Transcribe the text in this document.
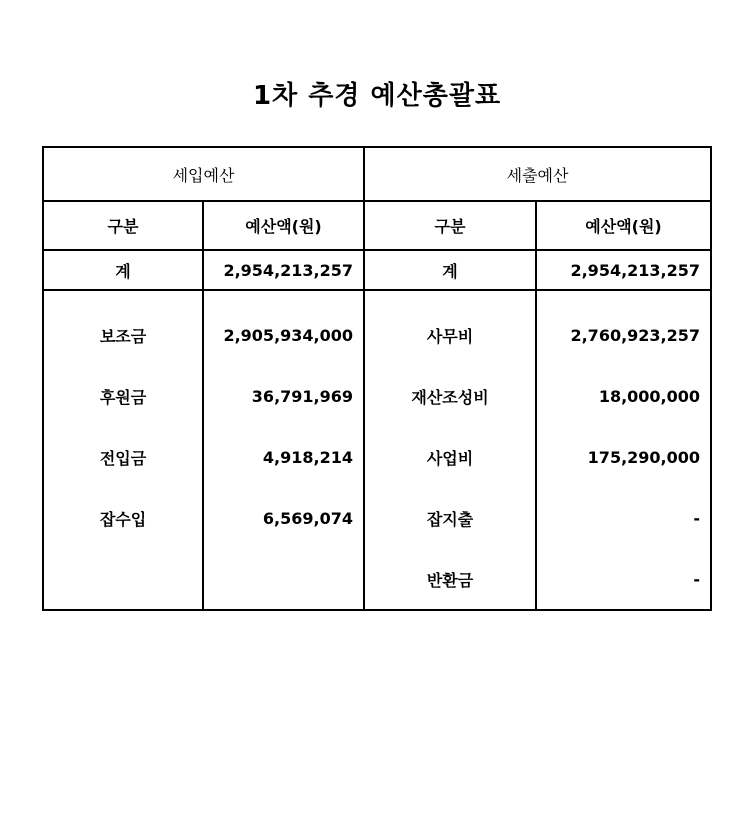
1차 추경 예산총괄표
세입예산		세출예산	
구분	예산액(원)	구분	예산액(원)
계	2,954,213,257	계	2,954,213,257
보조금	2,905,934,000	사무비	2,760,923,257
후원금	36,791,969	재산조성비	18,000,000
전입금	4,918,214	사업비	175,290,000
잡수입	6,569,074	잡지출	-
		반환금	-
